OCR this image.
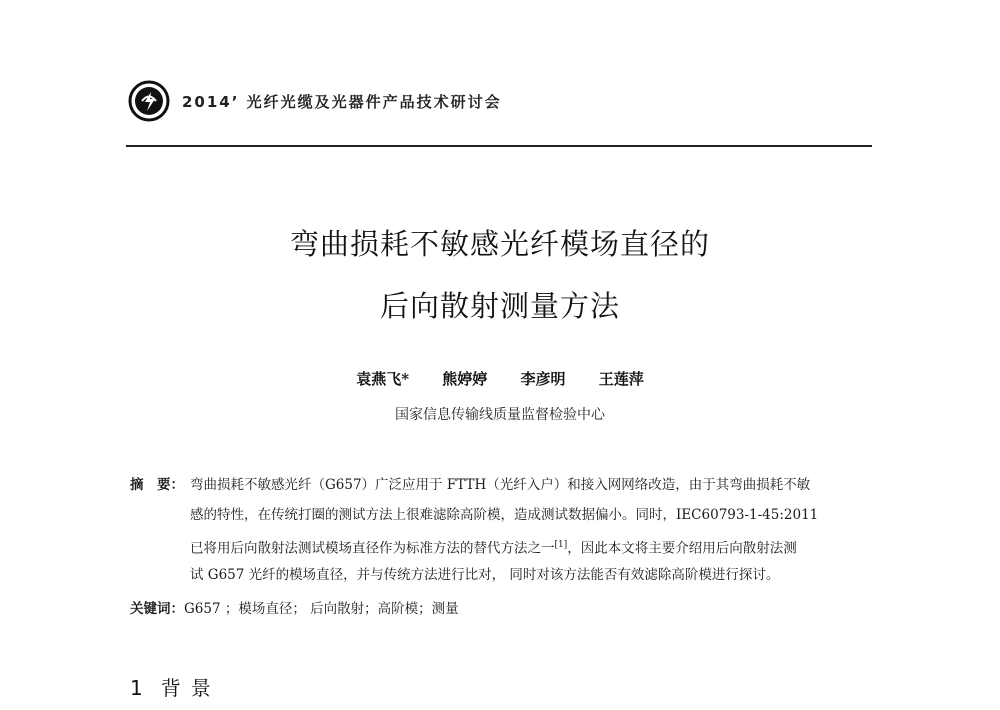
2014’ 光纤光缆及光器件产品技术研讨会
弯曲损耗不敏感光纤模场直径的
后向散射测量方法
袁燕飞* 熊婷婷 李彦明 王莲萍
国家信息传输线质量监督检验中心
摘　要： 弯曲损耗不敏感光纤（G657）广泛应用于 FTTH（光纤入户）和接入网网络改造，由于其弯曲损耗不敏
感的特性，在传统打圈的测试方法上很难滤除高阶模，造成测试数据偏小。同时，IEC60793-1-45:2011
已将用后向散射法测试模场直径作为标准方法的替代方法之一[1]，因此本文将主要介绍用后向散射法测
试 G657 光纤的模场直径，并与传统方法进行比对， 同时对该方法能否有效滤除高阶模进行探讨。
关键词：G657 ；模场直径； 后向散射；高阶模；测量
1 背景
